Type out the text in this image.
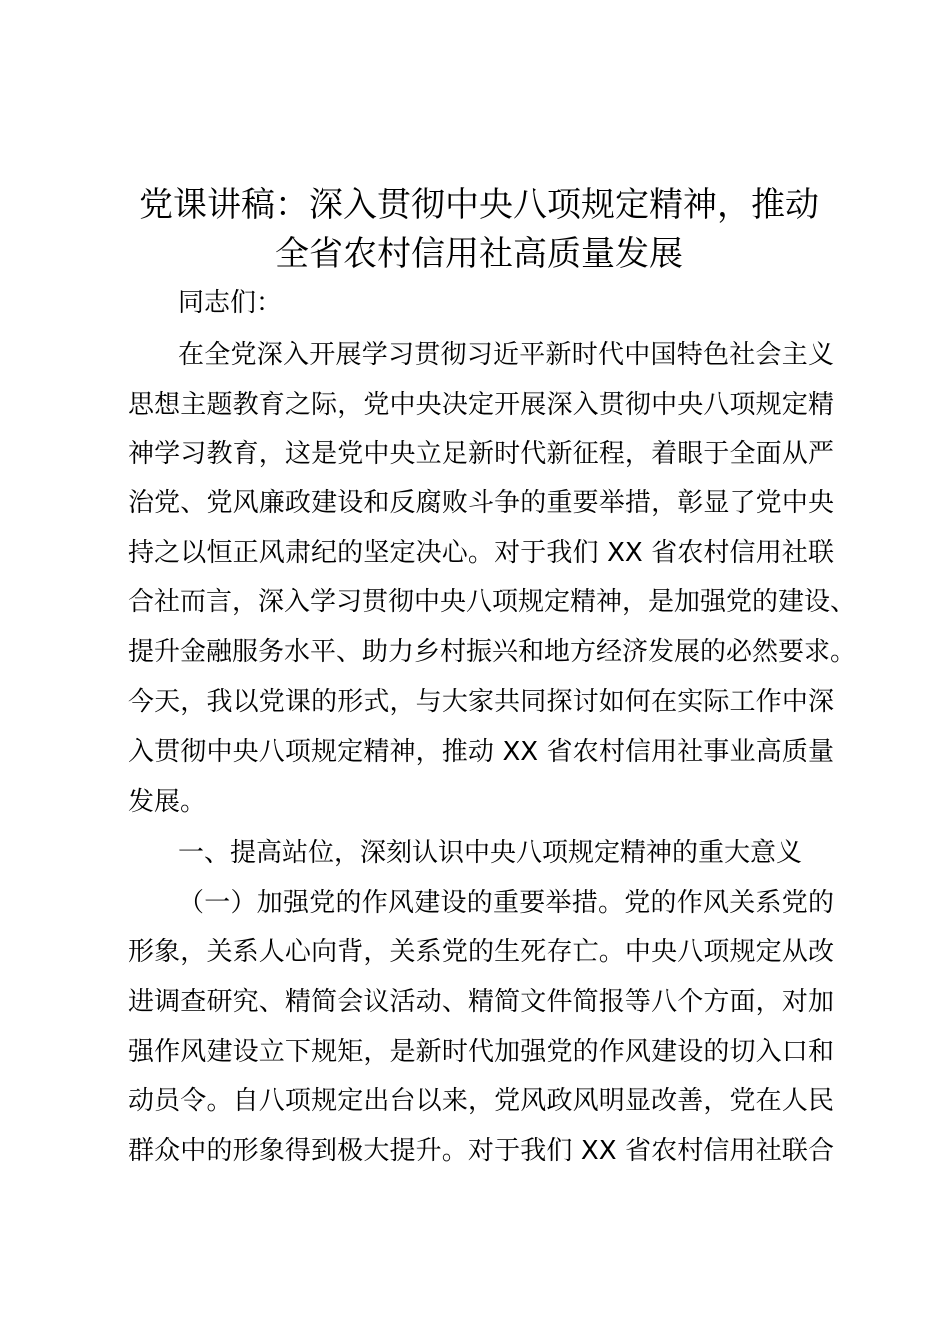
党课讲稿：深入贯彻中央八项规定精神，推动
全省农村信用社高质量发展
同志们：
在全党深入开展学习贯彻习近平新时代中国特色社会主义
思想主题教育之际，党中央决定开展深入贯彻中央八项规定精
神学习教育，这是党中央立足新时代新征程，着眼于全面从严
治党、党风廉政建设和反腐败斗争的重要举措，彰显了党中央
持之以恒正风肃纪的坚定决心。对于我们 XX 省农村信用社联
合社而言，深入学习贯彻中央八项规定精神，是加强党的建设、
提升金融服务水平、助力乡村振兴和地方经济发展的必然要求。
今天，我以党课的形式，与大家共同探讨如何在实际工作中深
入贯彻中央八项规定精神，推动 XX 省农村信用社事业高质量
发展。
一、提高站位，深刻认识中央八项规定精神的重大意义
（一）加强党的作风建设的重要举措。党的作风关系党的
形象，关系人心向背，关系党的生死存亡。中央八项规定从改
进调查研究、精简会议活动、精简文件简报等八个方面，对加
强作风建设立下规矩，是新时代加强党的作风建设的切入口和
动员令。自八项规定出台以来，党风政风明显改善，党在人民
群众中的形象得到极大提升。对于我们 XX 省农村信用社联合
